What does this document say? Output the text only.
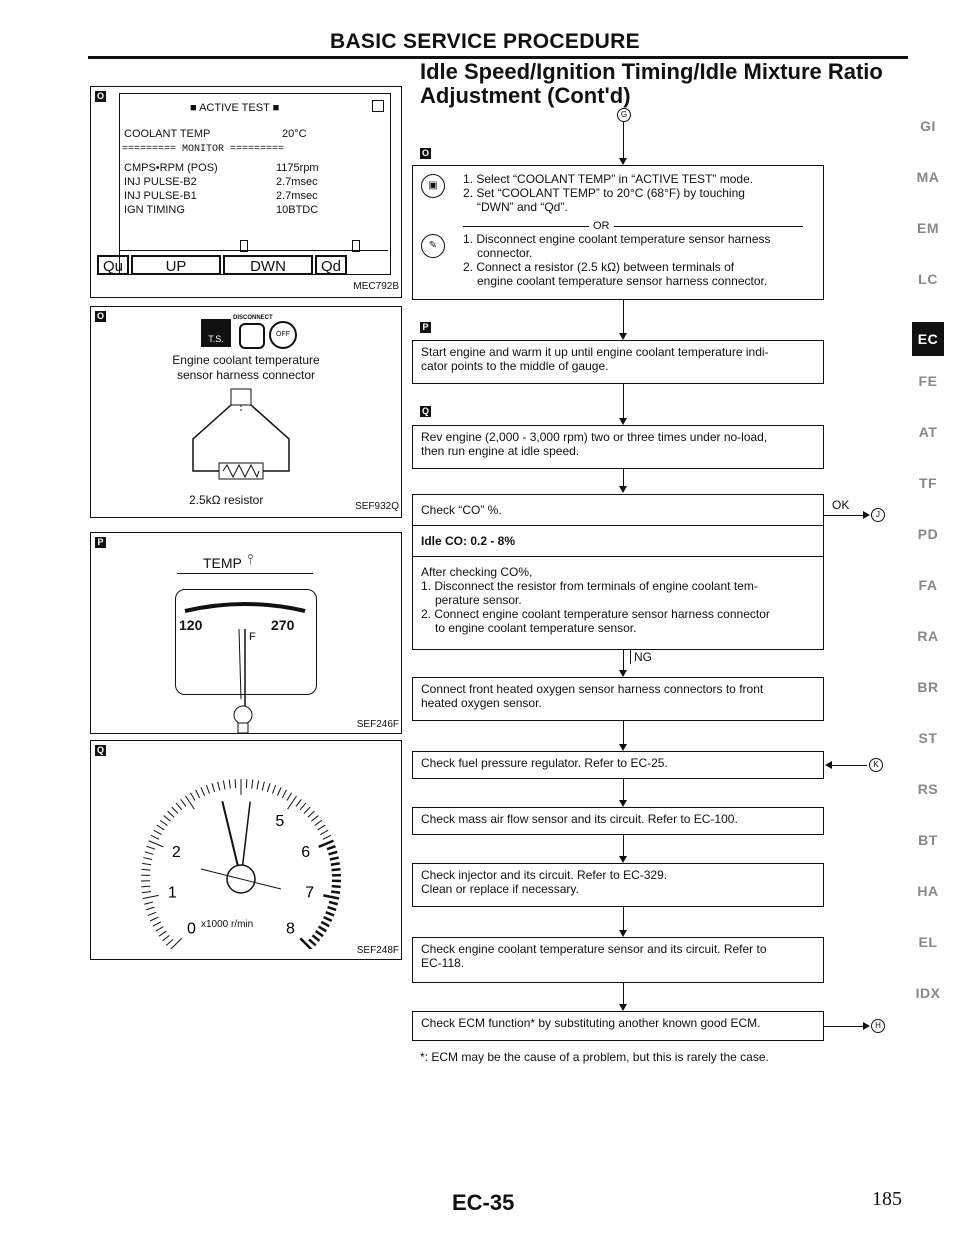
BASIC SERVICE PROCEDURE
Idle Speed/Ignition Timing/Idle Mixture Ratio
Adjustment (Cont'd)
O
■ ACTIVE TEST ■
COOLANT TEMP	20°C
========= MONITOR =========
CMPS•RPM (POS)	1175rpm
INJ PULSE-B2	2.7msec
INJ PULSE-B1	2.7msec
IGN TIMING	10BTDC
Qu	UP	DWN	Qd
MEC792B
O
T.S.
DISCONNECT
OFF
Engine coolant temperature
sensor harness connector
2.5kΩ resistor	SEF932Q
P
TEMP ⫯
120	270
F
SEF246F
Q
0
1
2
5
6
7
8
x1000 r/min
SEF248F
G
O
▣	1. Select “COOLANT TEMP” in “ACTIVE TEST” mode.
2. Set “COOLANT TEMP” to 20°C (68°F) by touching
“DWN” and “Qd”.
OR
✎	1. Disconnect engine coolant temperature sensor harness
connector.
2. Connect a resistor (2.5 kΩ) between terminals of
engine coolant temperature sensor harness connector.
P
Start engine and warm it up until engine coolant temperature indi-
cator points to the middle of gauge.
Q
Rev engine (2,000 - 3,000 rpm) two or three times under no-load,
then run engine at idle speed.
Check “CO” %.
Idle CO: 0.2 - 8%
After checking CO%,
1. Disconnect the resistor from terminals of engine coolant tem-
perature sensor.
2. Connect engine coolant temperature sensor harness connector
to engine coolant temperature sensor.
OK
J
NG
Connect front heated oxygen sensor harness connectors to front
heated oxygen sensor.
Check fuel pressure regulator. Refer to EC-25.	K
Check mass air flow sensor and its circuit. Refer to EC-100.
Check injector and its circuit. Refer to EC-329.
Clean or replace if necessary.
Check engine coolant temperature sensor and its circuit. Refer to
EC-118.
Check ECM function* by substituting another known good ECM.	H
*: ECM may be the cause of a problem, but this is rarely the case.
GI
MA
EM
LC
EC
FE
AT
TF
PD
FA
RA
BR
ST
RS
BT
HA
EL
IDX
EC-35	185
